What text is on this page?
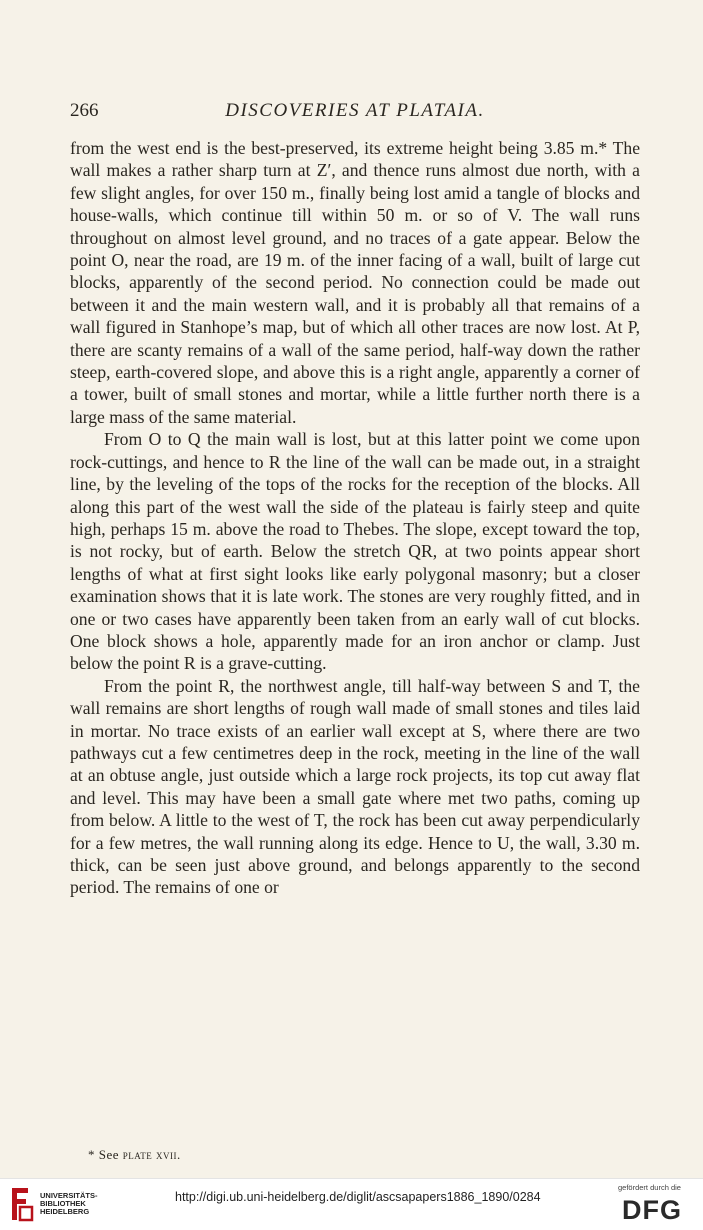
266	DISCOVERIES AT PLATAIA.

from the west end is the best-preserved, its extreme height being 3.85 m.* The wall makes a rather sharp turn at Z′, and thence runs almost due north, with a few slight angles, for over 150 m., finally being lost amid a tangle of blocks and house-walls, which continue till within 50 m. or so of V. The wall runs throughout on almost level ground, and no traces of a gate appear. Below the point O, near the road, are 19 m. of the inner facing of a wall, built of large cut blocks, apparently of the second period. No connection could be made out between it and the main western wall, and it is probably all that remains of a wall figured in Stanhope’s map, but of which all other traces are now lost. At P, there are scanty remains of a wall of the same period, half-way down the rather steep, earth-covered slope, and above this is a right angle, apparently a corner of a tower, built of small stones and mortar, while a little further north there is a large mass of the same material.

From O to Q the main wall is lost, but at this latter point we come upon rock-cuttings, and hence to R the line of the wall can be made out, in a straight line, by the leveling of the tops of the rocks for the reception of the blocks. All along this part of the west wall the side of the plateau is fairly steep and quite high, perhaps 15 m. above the road to Thebes. The slope, except toward the top, is not rocky, but of earth. Below the stretch QR, at two points appear short lengths of what at first sight looks like early polygonal masonry; but a closer examination shows that it is late work. The stones are very roughly fitted, and in one or two cases have apparently been taken from an early wall of cut blocks. One block shows a hole, apparently made for an iron anchor or clamp. Just below the point R is a grave-cutting.

From the point R, the northwest angle, till half-way between S and T, the wall remains are short lengths of rough wall made of small stones and tiles laid in mortar. No trace exists of an earlier wall except at S, where there are two pathways cut a few centimetres deep in the rock, meeting in the line of the wall at an obtuse angle, just outside which a large rock projects, its top cut away flat and level. This may have been a small gate where met two paths, coming up from below. A little to the west of T, the rock has been cut away perpendicularly for a few metres, the wall running along its edge. Hence to U, the wall, 3.30 m. thick, can be seen just above ground, and belongs apparently to the second period. The remains of one or

* See plate xvii.
UNIVERSITÄTS-
BIBLIOTHEK
HEIDELBERG
http://digi.ub.uni-heidelberg.de/diglit/ascsapapers1886_1890/0284
gefördert durch die
DFG
